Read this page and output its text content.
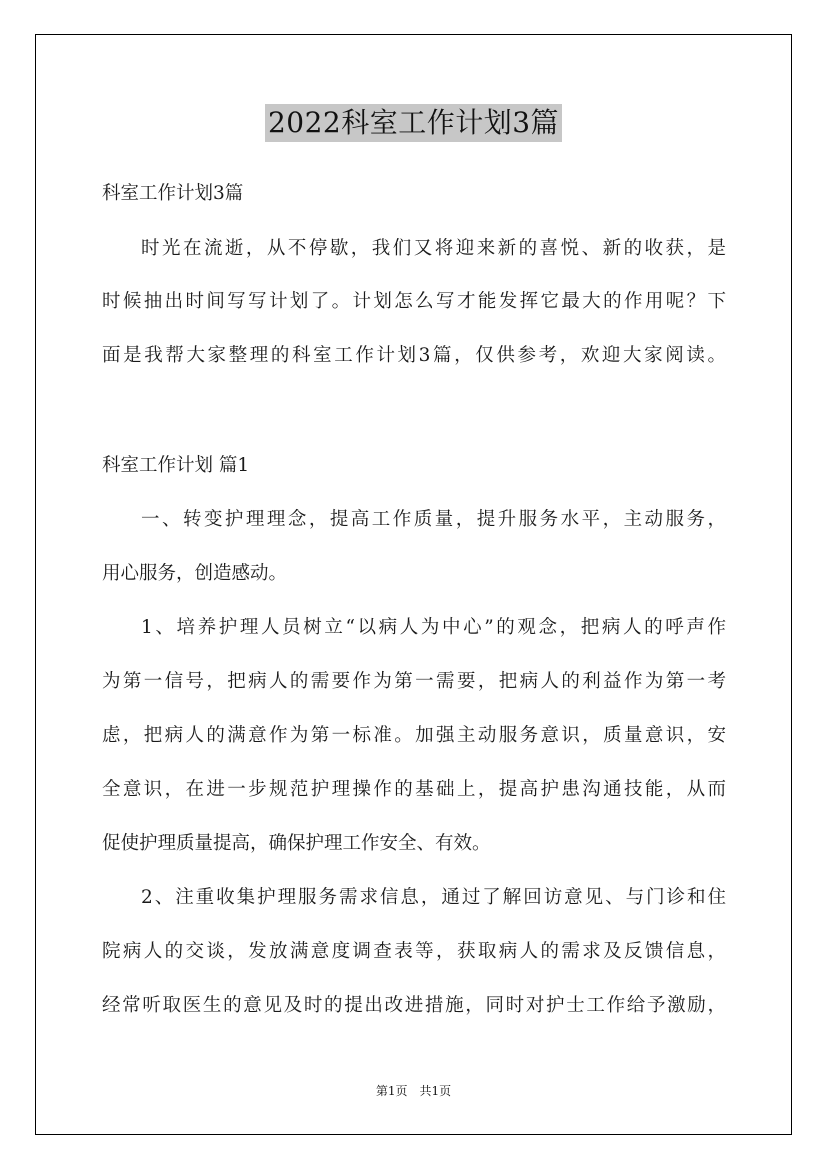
2022科室工作计划3篇
科室工作计划3篇
时光在流逝，从不停歇，我们又将迎来新的喜悦、新的收获，是
时候抽出时间写写计划了。计划怎么写才能发挥它最大的作用呢？下
面是我帮大家整理的科室工作计划3篇，仅供参考，欢迎大家阅读。
科室工作计划 篇1
一、转变护理理念，提高工作质量，提升服务水平，主动服务，
用心服务，创造感动。
1、培养护理人员树立“以病人为中心”的观念，把病人的呼声作
为第一信号，把病人的需要作为第一需要，把病人的利益作为第一考
虑，把病人的满意作为第一标准。加强主动服务意识，质量意识，安
全意识，在进一步规范护理操作的基础上，提高护患沟通技能，从而
促使护理质量提高，确保护理工作安全、有效。
2、注重收集护理服务需求信息，通过了解回访意见、与门诊和住
院病人的交谈，发放满意度调查表等，获取病人的需求及反馈信息，
经常听取医生的意见及时的提出改进措施，同时对护士工作给予激励，
第1页　共1页
